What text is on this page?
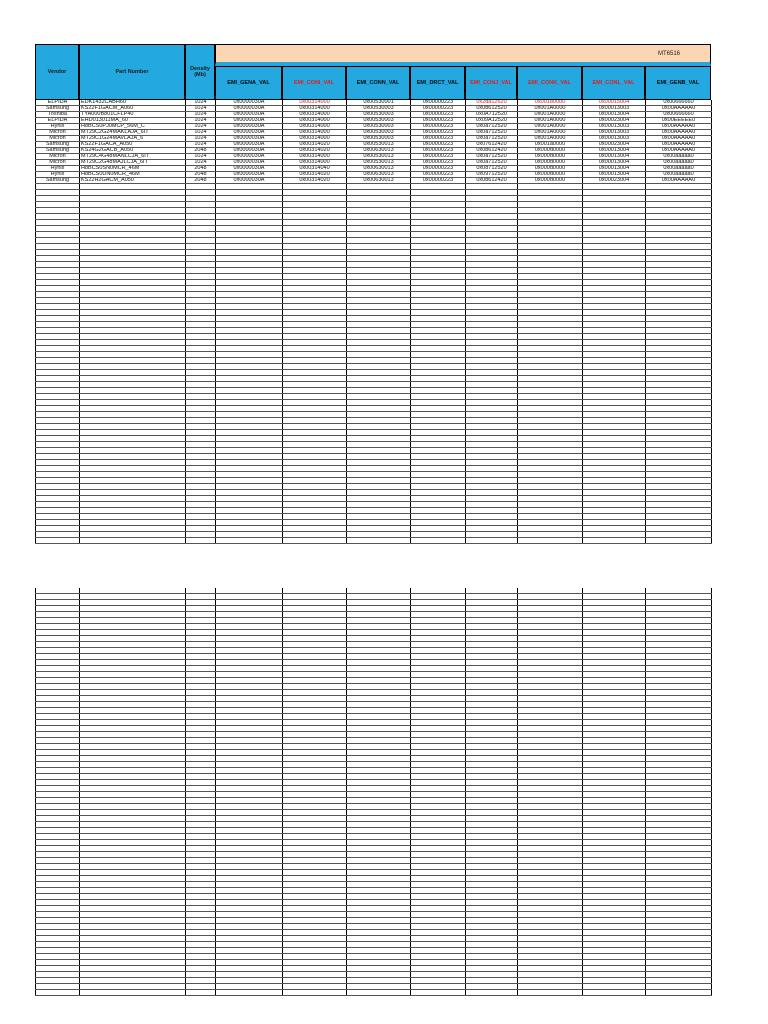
Vendor	Part Number	Density (Mb)
MT6516
EMI_GENA_VAL	EMI_CONI_VAL	EMI_CONN_VAL	EMI_DRCT_VAL	EMI_CONJ_VAL	EMI_CONK_VAL	EMI_CONL_VAL	EMI_GENB_VAL
ELPIDA	EDK1432CABH60	1024	0x0000030A	0x00314000	0x00530001	0x00000223	0x2da12620	0x00180000	0x00015004	0x00666660
Samsung	KS22F1GACM_A060	1024	0x0000030A	0x00314000	0x00530003	0x00000223	0x0b612520	0x001A0000	0x00013003	0x00AAAAA0
Toshiba	TYA000B801CFLP40	1024	0x0000030A	0x00314000	0x00530003	0x00000223	0x0A712520	0x001A0000	0x00013004	0x00666660
ELPIDA	EHD013011MA_60	1024	0x0000030A	0x00314000	0x00530003	0x00000223	0x09A12520	0x001A0000	0x00023004	0x00EEEEE0
Hynix	H8BCS0PJ0MCP_56M_C	1024	0x0000030A	0x00314000	0x00530003	0x00000223	0x0a712520	0x001A0000	0x00013003	0x00AAAAA0
Micron	MT29C2G24MAKLAJA_6IT	1024	0x0000030A	0x00314000	0x00530003	0x00000223	0x0a712520	0x001A0000	0x00013003	0x00AAAAA0
Micron	MT29C1G24MAVLAJA_6	1024	0x0000030A	0x00314000	0x00530003	0x00000223	0x0a712520	0x001A0000	0x00013003	0x00AAAAA0
Samsung	KS22F1GACA_A050	1024	0x0000030A	0x00314020	0x00530013	0x00000223	0x07612420	0x001a0000	0x00023004	0x00AAAAA0
Samsung	KS24G2GACB_A050	2048	0x0000030A	0x00314020	0x00630013	0x00000223	0x0b612420	0x000d0000	0x00013004	0x00AAAAA0
Micron	MT29C4G48MANLCJA_6IT	1024	0x0000030A	0x00314000	0x00530013	0x00000223	0x0a712520	0x000d0000	0x00013004	0x00aaaaa0
Micron	MT29C2G48MAJLCJA_6IT	1024	0x0000030A	0x00314000	0x00530013	0x00000223	0x0a712520	0x000d0000	0x00013004	0x00aaaaa0
Hynix	H8BCS0SN0MCR_46M	2048	0x0000030A	0x00314040	0x00630013	0x00000223	0x08712520	0x000d0000	0x00013004	0x00aaaaa0
Hynix	H8BCS0UN0MCR_46M	2048	0x0000030A	0x00314020	0x00630013	0x00000223	0x09712520	0x000d0000	0x00013004	0x00aaaaa0
Samsung	KS22H2GACM_A050	2048	0x0000030A	0x00314020	0x00630013	0x00000223	0x0b612420	0x000d0000	0x00023004	0x00AAAAA0
